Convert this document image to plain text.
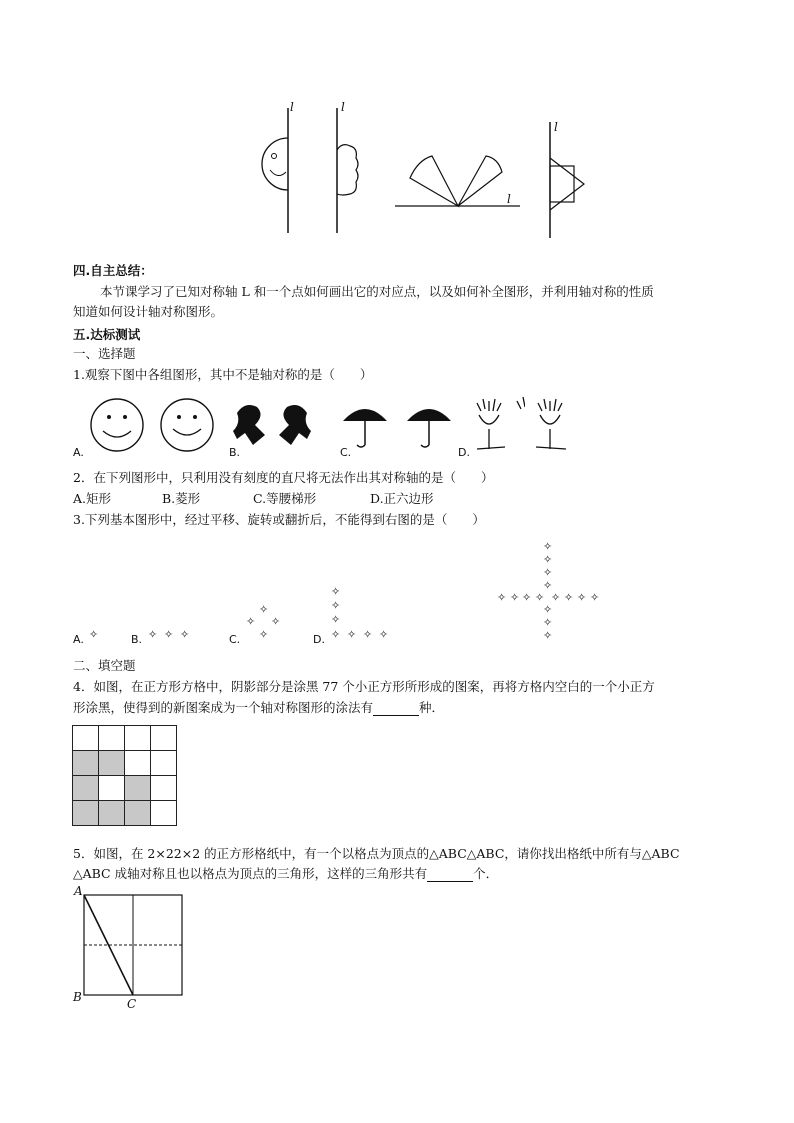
l	l
l
l
四.自主总结：
本节课学习了已知对称轴 L 和一个点如何画出它的对应点，以及如何补全图形，并利用轴对称的性质
知道如何设计轴对称图形。
五.达标测试
一、选择题
1.观察下图中各组图形，其中不是轴对称的是（　　）
A.	B.	C.	D.
2．在下列图形中，只利用没有刻度的直尺将无法作出其对称轴的是（　　）
A.矩形	B.菱形	C.等腰梯形	D.正六边形
3.下列基本图形中，经过平移、旋转或翻折后，不能得到右图的是（　　）
A.	B.	C.	D.
✧	✧ ✧ ✧
✧
✧ ✧
✧
✧
✧
✧
✧ ✧ ✧ ✧
✧
✧
✧
✧
✧ ✧ ✧ ✧ ✧ ✧ ✧ ✧
✧
✧
✧
二、填空题
4．如图，在正方形方格中，阴影部分是涂黑 77 个小正方形所形成的图案，再将方格内空白的一个小正方
形涂黑，使得到的新图案成为一个轴对称图形的涂法有	种．

5．如图，在 2×22×2 的正方形格纸中，有一个以格点为顶点的△ABC△ABC，请你找出格纸中所有与△ABC
△ABC 成轴对称且也以格点为顶点的三角形，这样的三角形共有	个．
A
B	C
